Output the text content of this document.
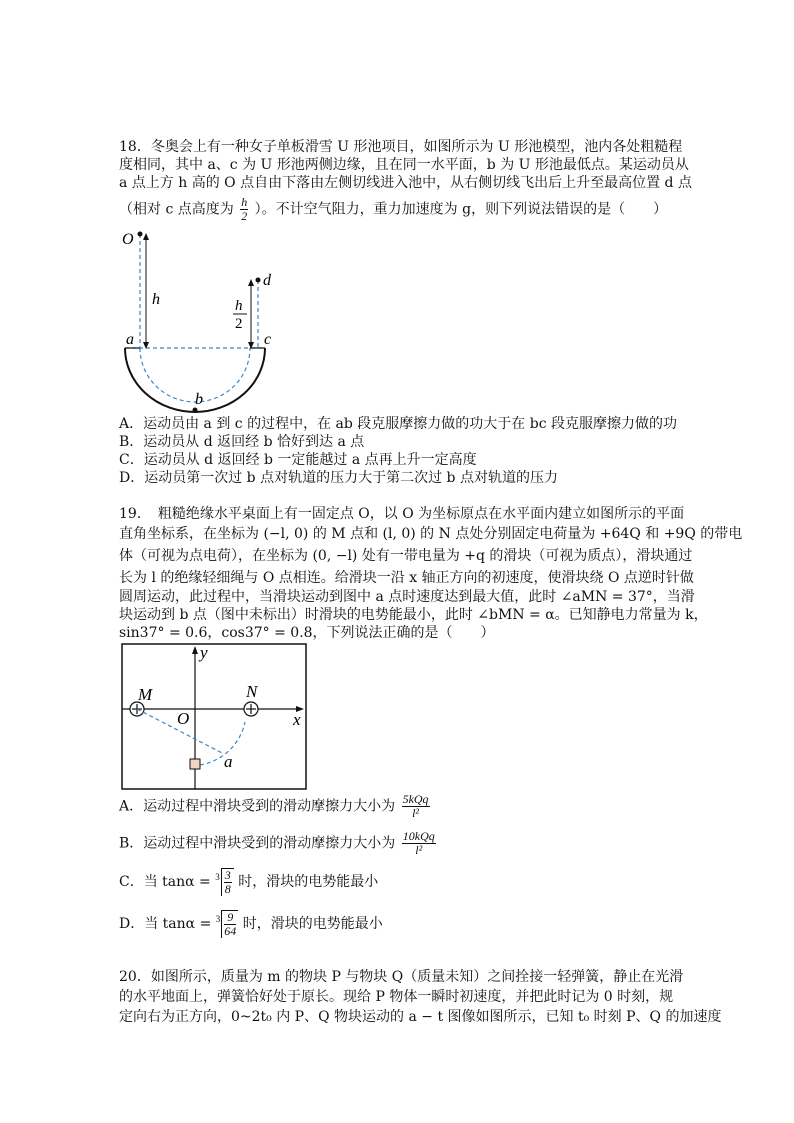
18．冬奥会上有一种女子单板滑雪 U 形池项目，如图所示为 U 形池模型，池内各处粗糙程
度相同，其中 a、c 为 U 形池两侧边缘，且在同一水平面，b 为 U 形池最低点。某运动员从
a 点上方 h 高的 O 点自由下落由左侧切线进入池中，从右侧切线飞出后上升至最高位置 d 点
（相对 c 点高度为 $\frac{h}{2}$ ）。不计空气阻力，重力加速度为 g，则下列说法错误的是（　　）
O
h
d
h
2
a	c
b
A．运动员由 a 到 c 的过程中，在 ab 段克服摩擦力做的功大于在 bc 段克服摩擦力做的功
B．运动员从 d 返回经 b 恰好到达 a 点
C．运动员从 d 返回经 b 一定能越过 a 点再上升一定高度
D．运动员第一次过 b 点对轨道的压力大于第二次过 b 点对轨道的压力
19．　粗糙绝缘水平桌面上有一固定点 O，以 O 为坐标原点在水平面内建立如图所示的平面
直角坐标系，在坐标为 (−l, 0) 的 M 点和 (l, 0) 的 N 点处分别固定电荷量为 +64Q 和 +9Q 的带电
体（可视为点电荷），在坐标为 (0, −l) 处有一带电量为 +q 的滑块（可视为质点），滑块通过
长为 l 的绝缘轻细绳与 O 点相连。给滑块一沿 x 轴正方向的初速度，使滑块绕 O 点逆时针做
圆周运动，此过程中，当滑块运动到图中 a 点时速度达到最大值，此时 ∠aMN = 37°，当滑
块运动到 b 点（图中未标出）时滑块的电势能最小，此时 ∠bMN = α。已知静电力常量为 k，
sin37° = 0.6，cos37° = 0.8，下列说法正确的是（　　）
y
x
M	N
O
a
A．运动过程中滑块受到的滑动摩擦力大小为 $\frac{\text{5kQq}}{\text{l²}}$
B．运动过程中滑块受到的滑动摩擦力大小为 $\frac{\text{10kQq}}{\text{l²}}$
C．当 $\tan\alpha = ^3 \frac{3}{8}$ 时，滑块的电势能最小
D．当 $\tan\alpha = ^3 \frac{9}{64}$ 时，滑块的电势能最小
20．如图所示，质量为 m 的物块 P 与物块 Q（质量未知）之间拴接一轻弹簧，静止在光滑
的水平地面上，弹簧恰好处于原长。现给 P 物体一瞬时初速度，并把此时记为 0 时刻，规
定向右为正方向，0~2t₀ 内 P、Q 物块运动的 a − t 图像如图所示，已知 t₀ 时刻 P、Q 的加速度
